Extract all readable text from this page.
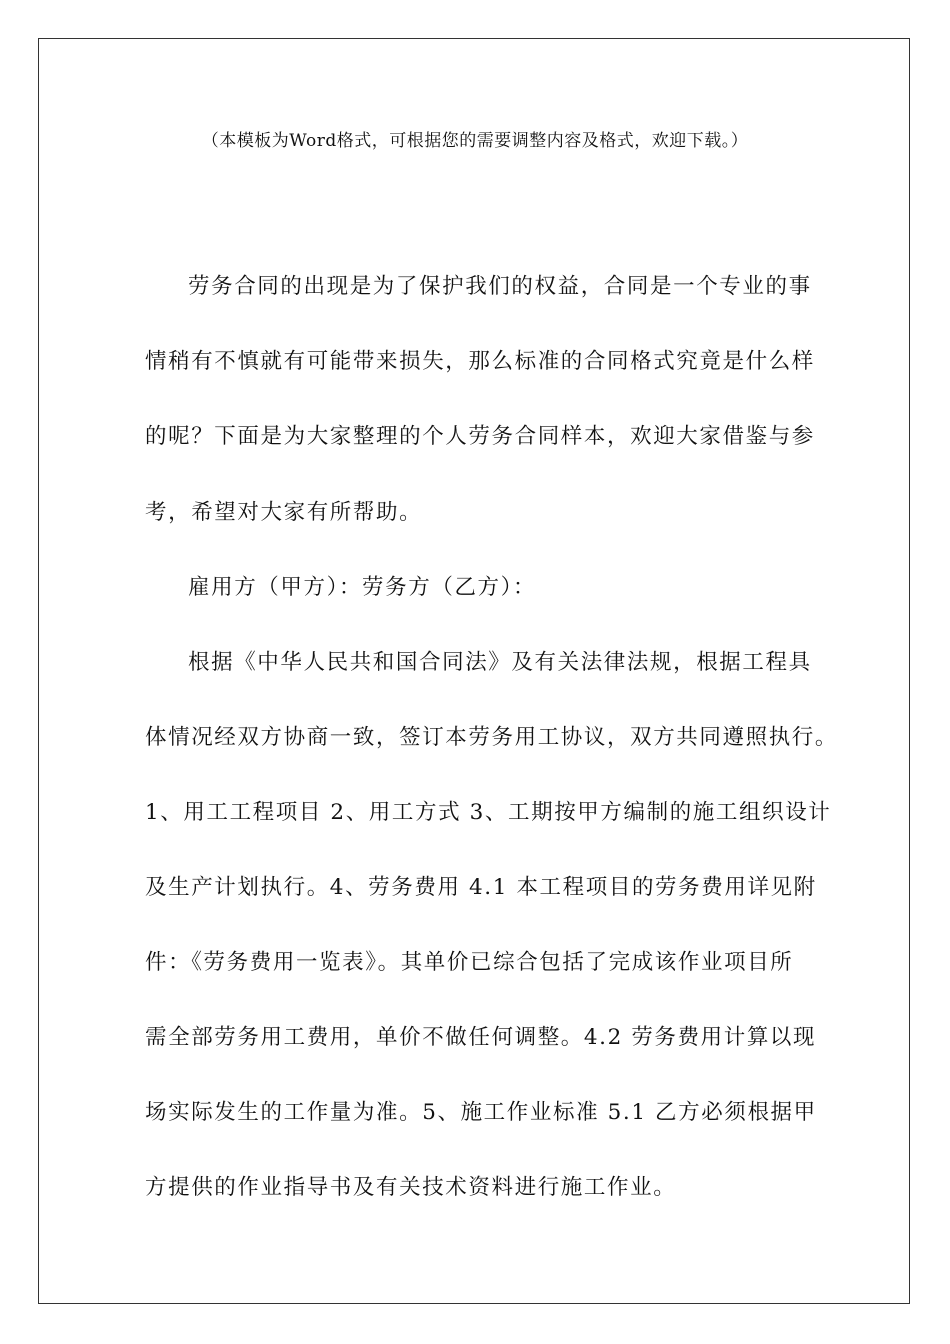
（本模板为Word格式，可根据您的需要调整内容及格式，欢迎下载。）
劳务合同的出现是为了保护我们的权益，合同是一个专业的事
情稍有不慎就有可能带来损失，那么标准的合同格式究竟是什么样
的呢？下面是为大家整理的个人劳务合同样本，欢迎大家借鉴与参
考，希望对大家有所帮助。
雇用方（甲方）：劳务方（乙方）：
根据《中华人民共和国合同法》及有关法律法规，根据工程具
体情况经双方协商一致，签订本劳务用工协议，双方共同遵照执行。
1、用工工程项目 2、用工方式 3、工期按甲方编制的施工组织设计
及生产计划执行。4、劳务费用 4.1 本工程项目的劳务费用详见附
件：《劳务费用一览表》。其单价已综合包括了完成该作业项目所
需全部劳务用工费用，单价不做任何调整。4.2 劳务费用计算以现
场实际发生的工作量为准。5、施工作业标准 5.1 乙方必须根据甲
方提供的作业指导书及有关技术资料进行施工作业。
